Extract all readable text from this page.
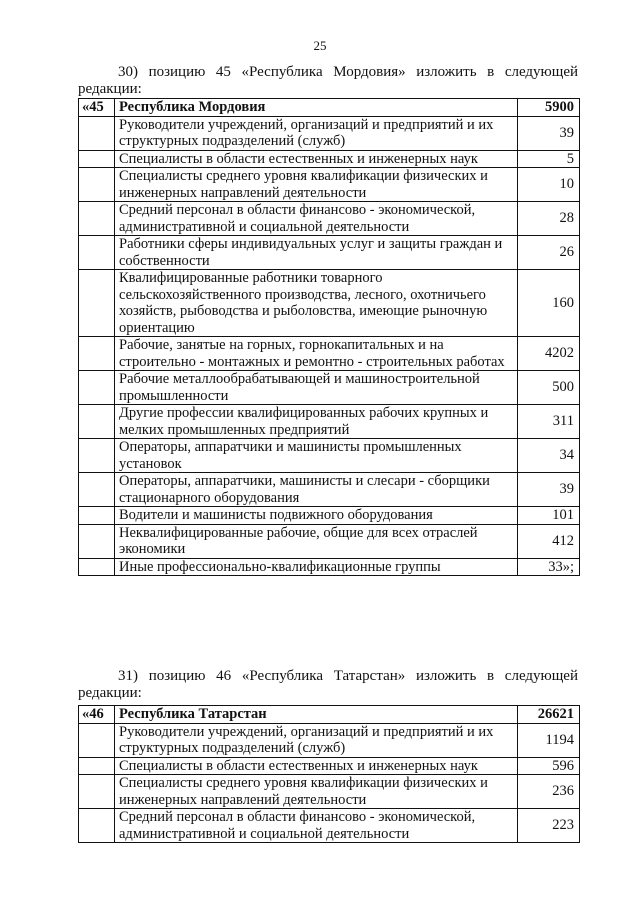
25
30) позицию 45 «Республика Мордовия» изложить в следующей
редакции:
«45	Республика Мордовия	5900
	Руководители учреждений, организаций и предприятий и их структурных подразделений (служб)	39
	Специалисты в области естественных и инженерных наук	5
	Специалисты среднего уровня квалификации физических и инженерных направлений деятельности	10
	Средний персонал в области финансово - экономической, административной и социальной деятельности	28
	Работники сферы индивидуальных услуг и защиты граждан и собственности	26
	Квалифицированные работники товарного сельскохозяйственного производства, лесного, охотничьего хозяйств, рыбоводства и рыболовства, имеющие рыночную ориентацию	160
	Рабочие, занятые на горных, горнокапитальных и на строительно - монтажных и ремонтно - строительных работах	4202
	Рабочие металлообрабатывающей и машиностроительной промышленности	500
	Другие профессии квалифицированных рабочих крупных и мелких промышленных предприятий	311
	Операторы, аппаратчики и машинисты промышленных установок	34
	Операторы, аппаратчики, машинисты и слесари - сборщики стационарного оборудования	39
	Водители и машинисты подвижного оборудования	101
	Неквалифицированные рабочие, общие для всех отраслей экономики	412
	Иные профессионально-квалификационные группы	33»;
31) позицию 46 «Республика Татарстан» изложить в следующей
редакции:
«46	Республика Татарстан	26621
	Руководители учреждений, организаций и предприятий и их структурных подразделений (служб)	1194
	Специалисты в области естественных и инженерных наук	596
	Специалисты среднего уровня квалификации физических и инженерных направлений деятельности	236
	Средний персонал в области финансово - экономической, административной и социальной деятельности	223
